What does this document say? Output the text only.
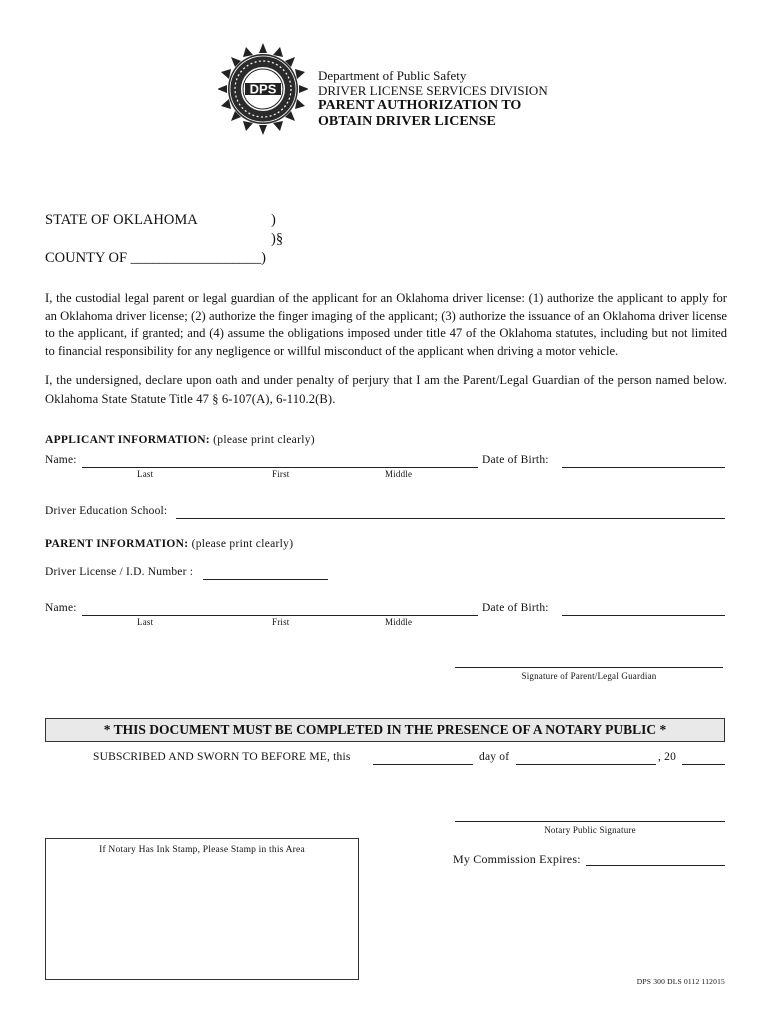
DPS
Department of Public Safety
DRIVER LICENSE SERVICES DIVISION
PARENT AUTHORIZATION TO
OBTAIN DRIVER LICENSE
STATE OF OKLAHOMA	)
)§
COUNTY OF __________________)
I, the custodial legal parent or legal guardian of the applicant for an Oklahoma driver license: (1) authorize the applicant to apply for an Oklahoma driver license; (2) authorize the finger imaging of the applicant; (3) authorize the issuance of an Oklahoma driver license to the applicant, if granted; and (4) assume the obligations imposed under title 47 of the Oklahoma statutes, including but not limited to financial responsibility for any negligence or willful misconduct of the applicant when driving a motor vehicle.
I, the undersigned, declare upon oath and under penalty of perjury that I am the Parent/Legal Guardian of the person named below. Oklahoma State Statute Title 47 § 6-107(A), 6-110.2(B).
APPLICANT INFORMATION: (please print clearly)
Name:	Date of Birth:
Last	First	Middle
Driver Education School:
PARENT INFORMATION: (please print clearly)
Driver License / I.D. Number :
Name:	Date of Birth:
Last	Frist	Middle
Signature of Parent/Legal Guardian
* THIS DOCUMENT MUST BE COMPLETED IN THE PRESENCE OF A NOTARY PUBLIC *
SUBSCRIBED AND SWORN TO BEFORE ME, this	day of	, 20
Notary Public Signature
If Notary Has Ink Stamp, Please Stamp in this Area
My Commission Expires:
DPS 300 DLS 0112 112015
